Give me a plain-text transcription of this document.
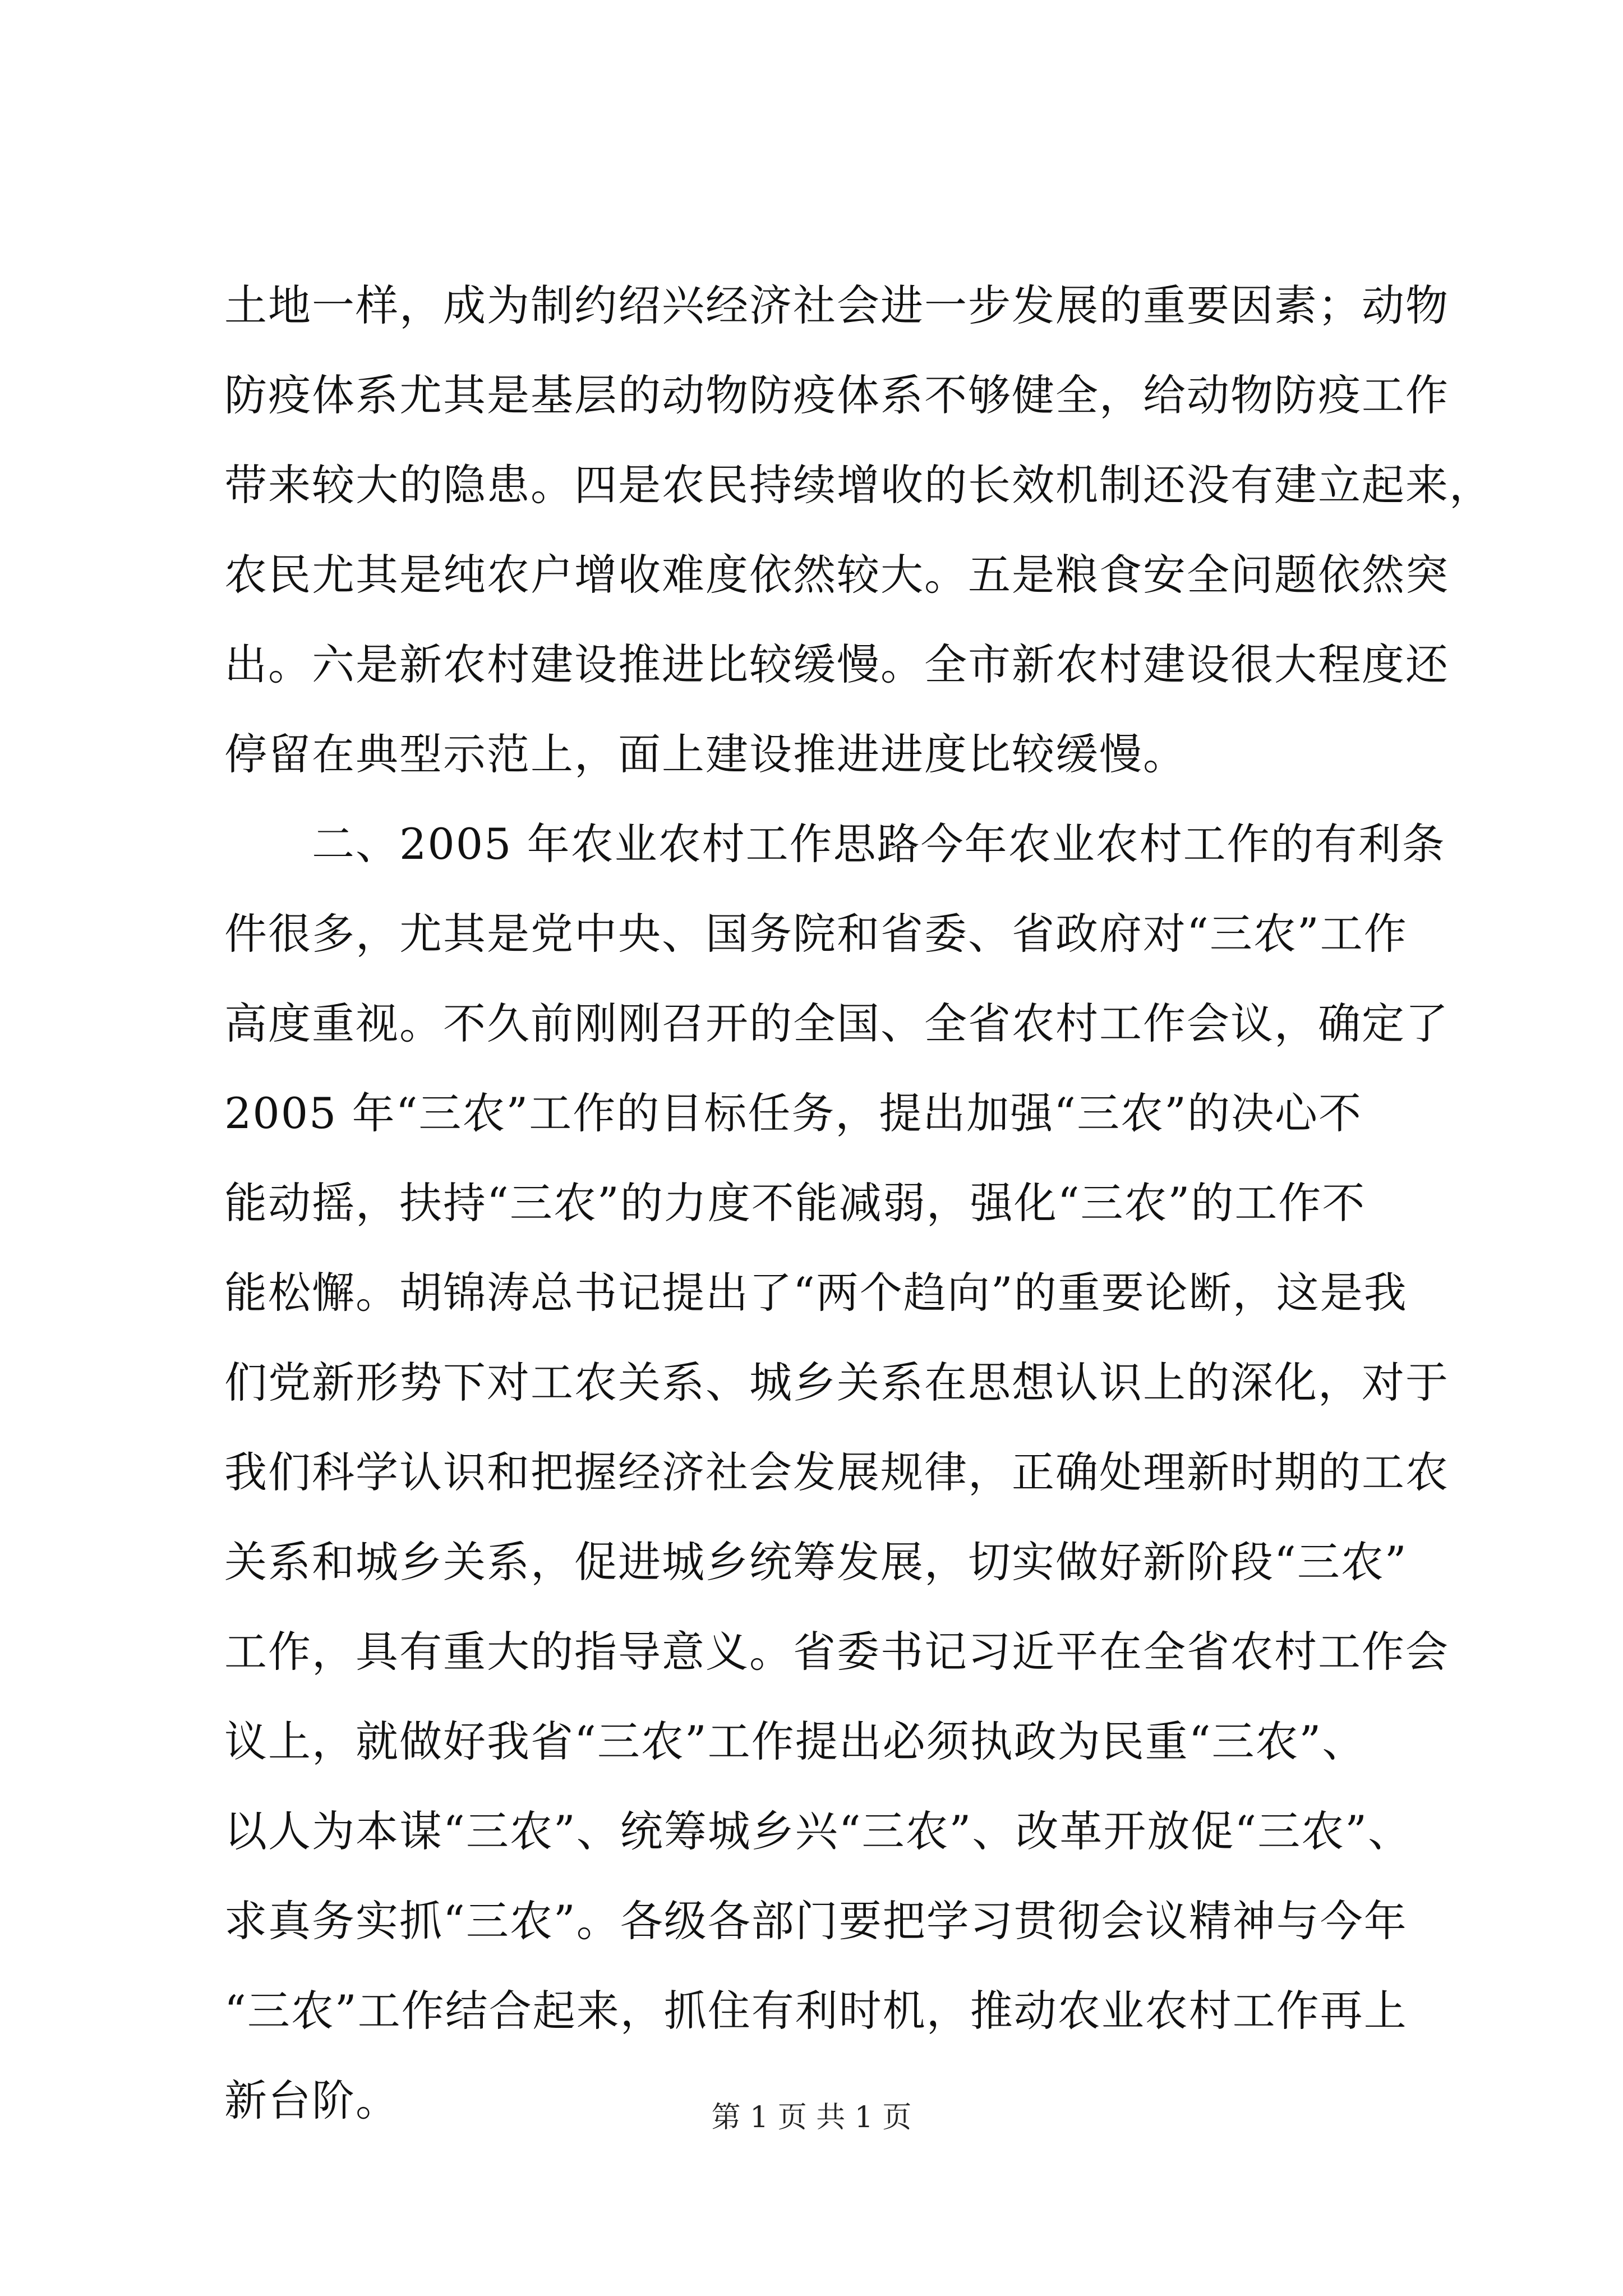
土地一样，成为制约绍兴经济社会进一步发展的重要因素；动物
防疫体系尤其是基层的动物防疫体系不够健全，给动物防疫工作
带来较大的隐患。四是农民持续增收的长效机制还没有建立起来，
农民尤其是纯农户增收难度依然较大。五是粮食安全问题依然突
出。六是新农村建设推进比较缓慢。全市新农村建设很大程度还
停留在典型示范上，面上建设推进进度比较缓慢。
　　二、2005 年农业农村工作思路今年农业农村工作的有利条
件很多，尤其是党中央、国务院和省委、省政府对“三农”工作
高度重视。不久前刚刚召开的全国、全省农村工作会议，确定了
2005 年“三农”工作的目标任务，提出加强“三农”的决心不
能动摇，扶持“三农”的力度不能减弱，强化“三农”的工作不
能松懈。胡锦涛总书记提出了“两个趋向”的重要论断，这是我
们党新形势下对工农关系、城乡关系在思想认识上的深化，对于
我们科学认识和把握经济社会发展规律，正确处理新时期的工农
关系和城乡关系，促进城乡统筹发展，切实做好新阶段“三农”
工作，具有重大的指导意义。省委书记习近平在全省农村工作会
议上，就做好我省“三农”工作提出必须执政为民重“三农”、
以人为本谋“三农”、统筹城乡兴“三农”、改革开放促“三农”、
求真务实抓“三农”。各级各部门要把学习贯彻会议精神与今年
“三农”工作结合起来，抓住有利时机，推动农业农村工作再上
新台阶。	第 1 页 共 1 页
